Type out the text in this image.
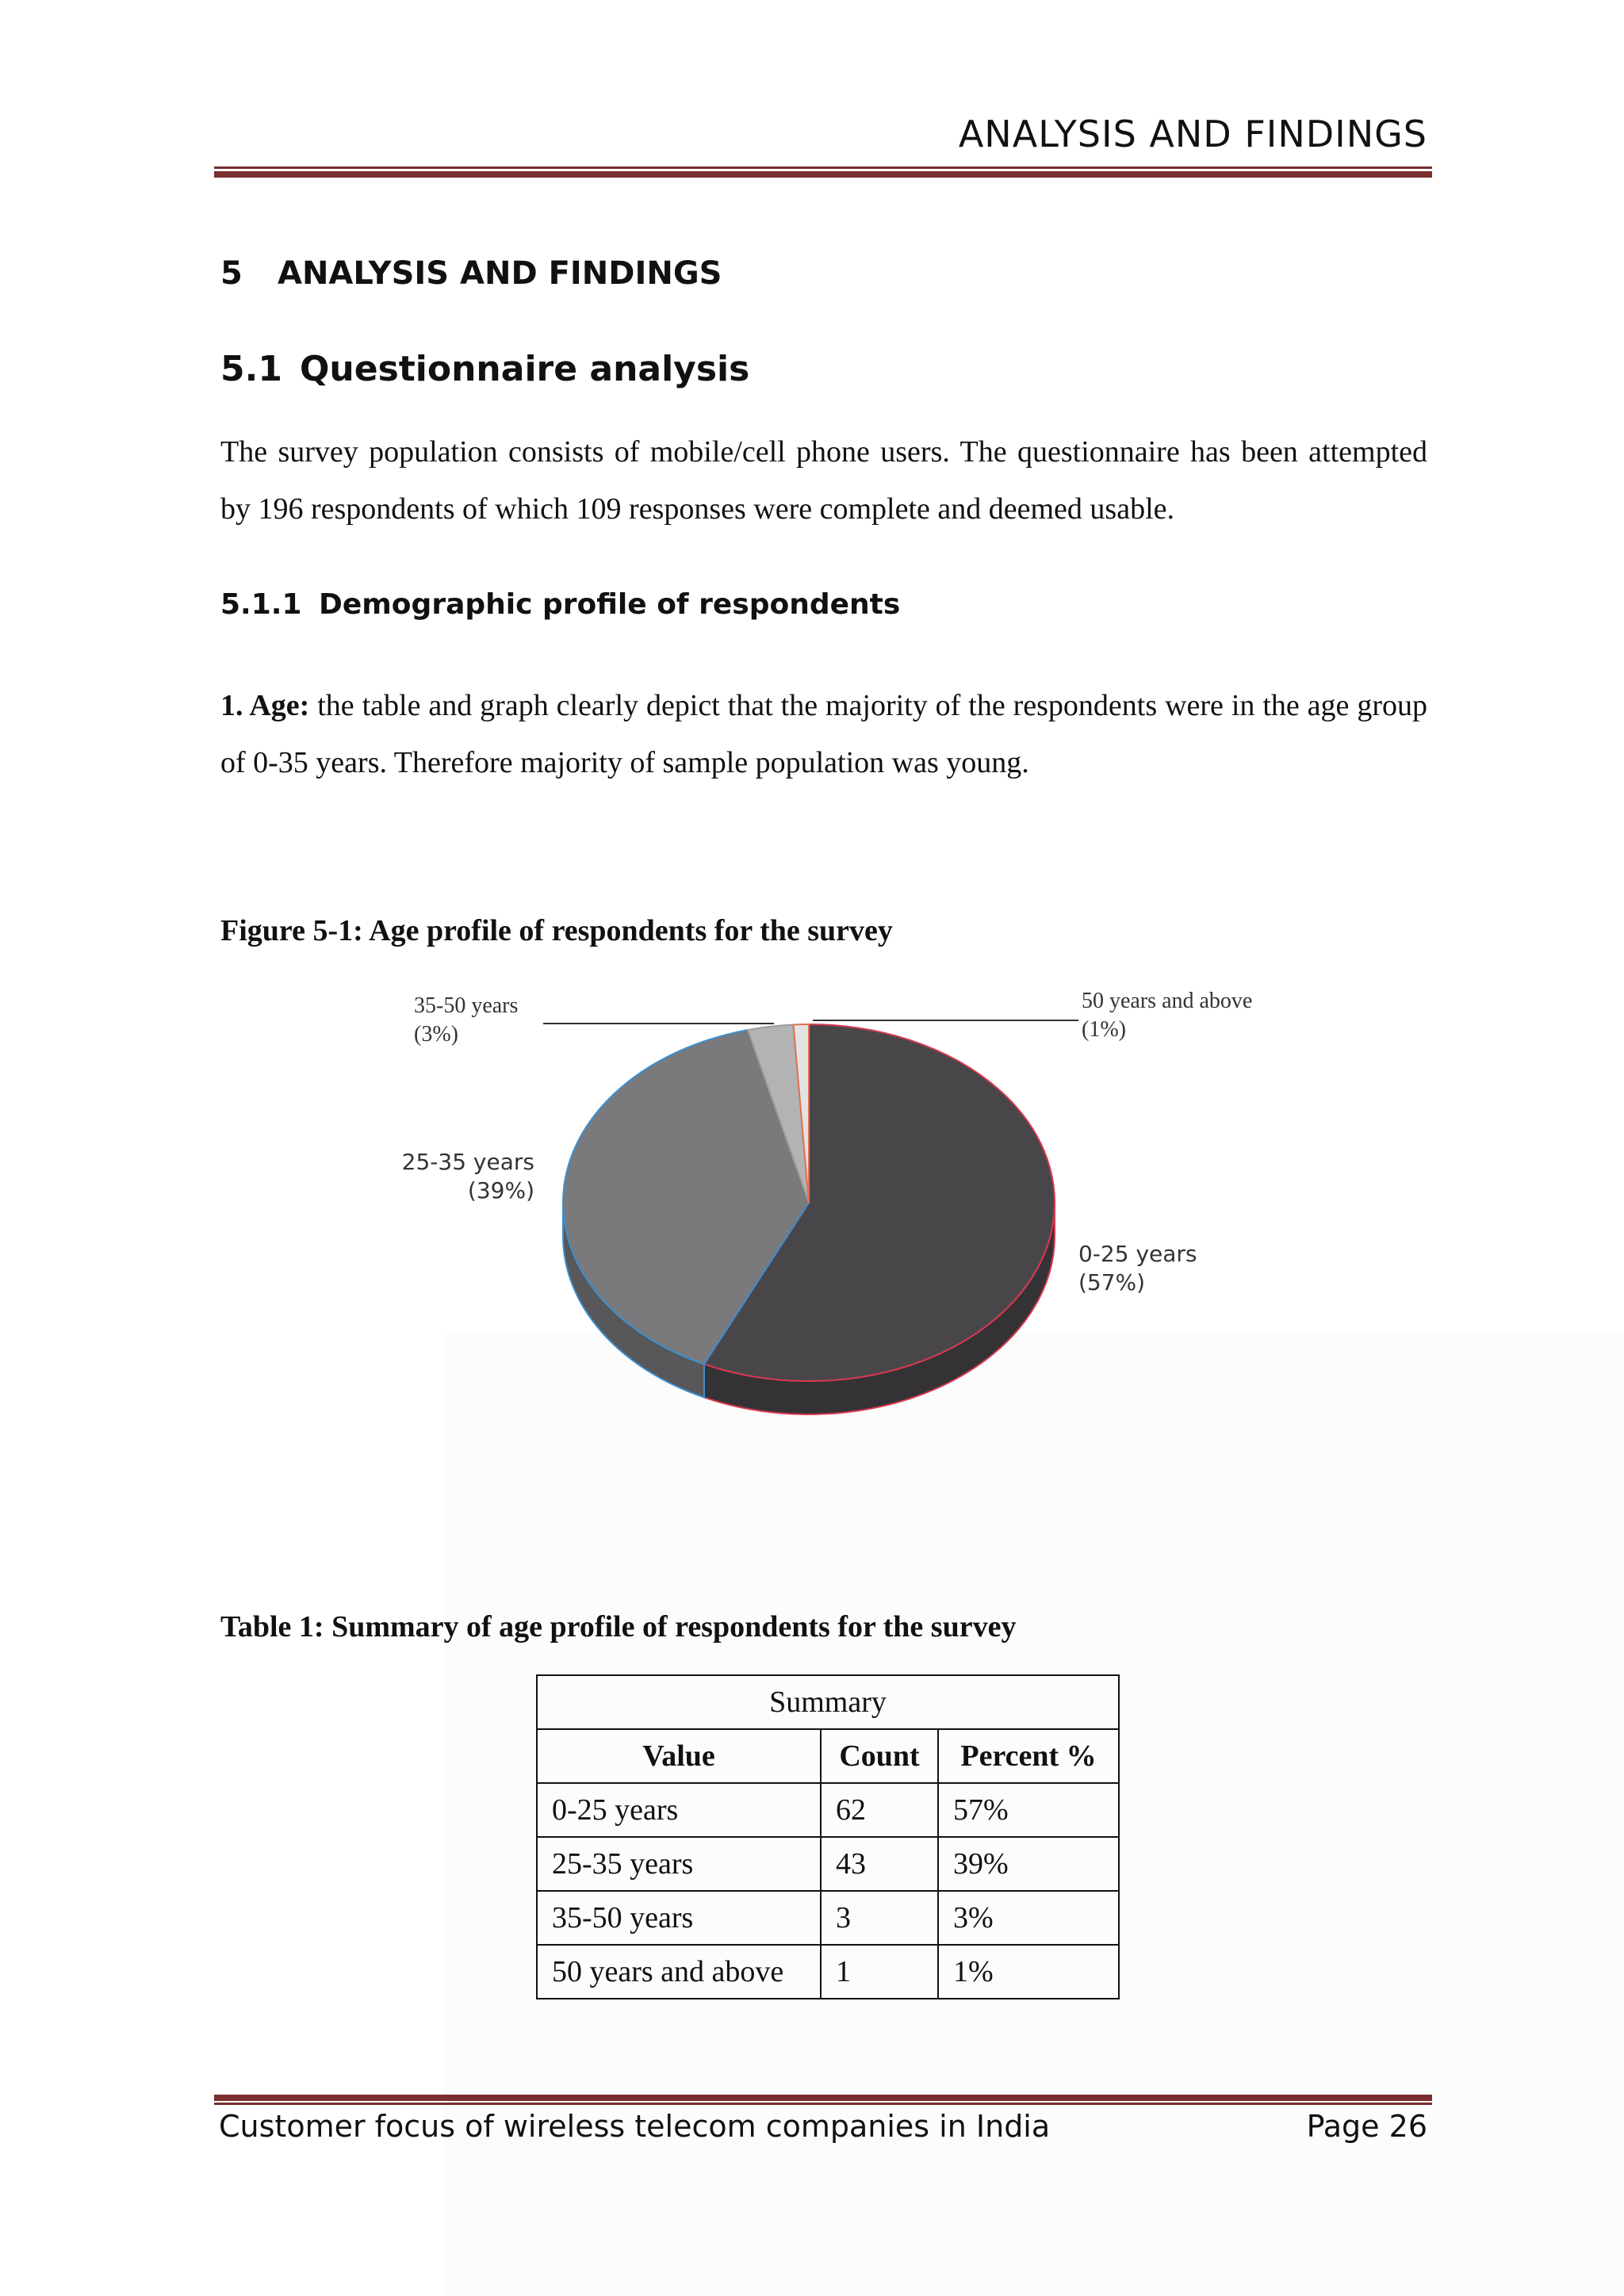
ANALYSIS AND FINDINGS
5 ANALYSIS AND FINDINGS
5.1 Questionnaire analysis
The survey population consists of mobile/cell phone users. The questionnaire has been attempted by 196 respondents of which 109 responses were complete and deemed usable.
5.1.1 Demographic profile of respondents
1. Age: the table and graph clearly depict that the majority of the respondents were in the age group of 0-35 years. Therefore majority of sample population was young.
Figure 5-1: Age profile of respondents for the survey
0-25 years
(57%)
25-35 years
(39%)
35-50 years
(3%)
50 years and above
(1%)
Table 1: Summary of age profile of respondents for the survey
Summary		
Value	Count	Percent %
0-25 years	62	57%
25-35 years	43	39%
35-50 years	3	3%
50 years and above	1	1%
Customer focus of wireless telecom companies in India	Page 26
